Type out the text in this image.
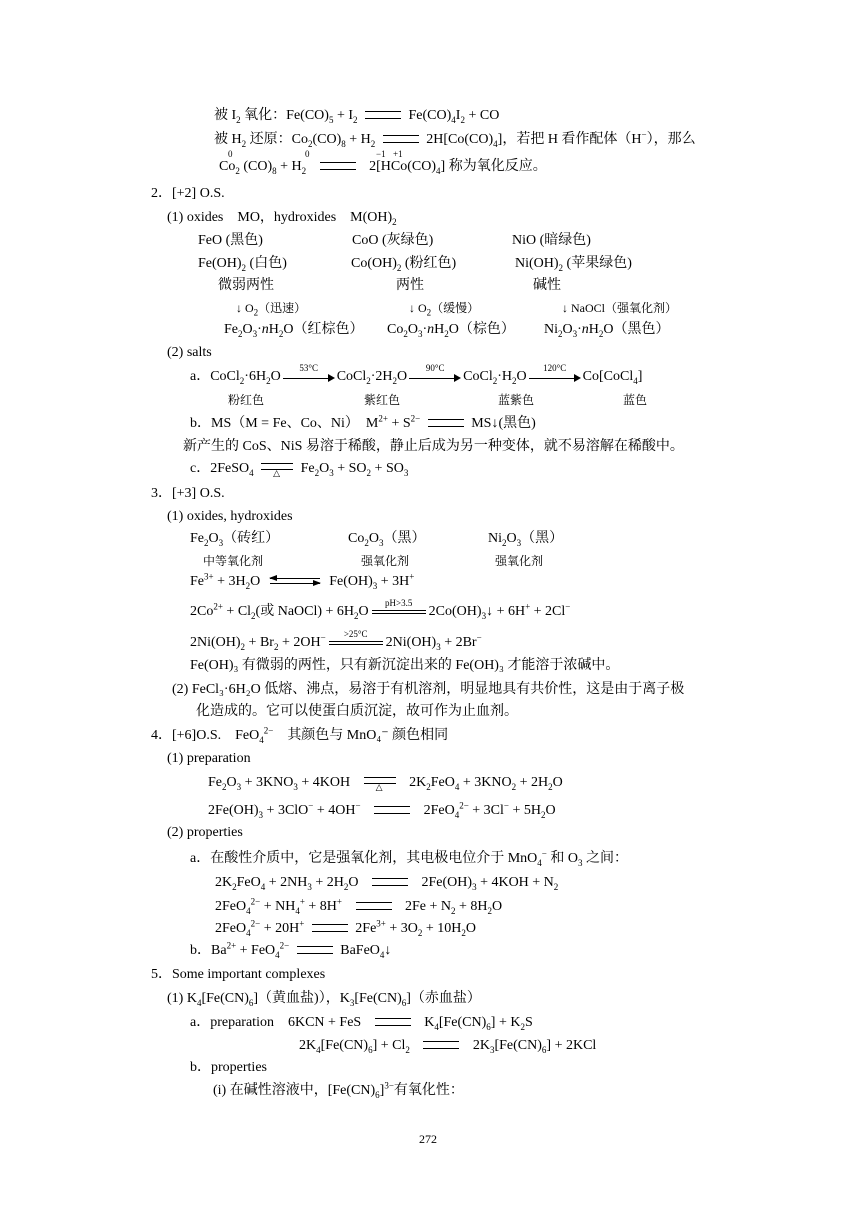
被 $I_2$ 氧化：$Fe(CO)_5 + I_2$	$Fe(CO)_4I_2$ + CO
被 $H_2$ 还原：$Co_2(CO)_8 + H_2$	$2H[Co(CO)_4]$，若把 H 看作配体（H−），那么
0	0	−1 +1
$Co_2$ $(CO)_8 + H_2$	$2[HCo(CO)_4]$ 称为氧化反应。
2．[+2] O.S.
(1) oxides　MO，hydroxides　$M(OH)_2$
FeO (黑色)	CoO (灰绿色)	NiO (暗绿色)
$Fe(OH)_2$ (白色)	$Co(OH)_2$ (粉红色)	$Ni(OH)_2$ (苹果绿色)
微弱两性	两性	碱性
↓ $O_2$（迅速）	↓ $O_2$（缓慢）	↓ NaOCl（强氧化剂）
$Fe_2O_3\cdot nH_2O$（红棕色） $Co_2O_3\cdot nH_2O$（棕色） $Ni_2O_3\cdot nH_2O$（黑色）
(2) salts
a．$CoCl_2\cdot 6H_2O$
53°C
$CoCl_2\cdot 2H_2O$
90°C
$CoCl_2\cdot H_2O$
120°C
Co[CoCl$_4$]
粉红色	紫红色	蓝紫色	蓝色
b．MS（M = Fe、Co、Ni）　$M^{2+} + S^{2-}$	MS↓(黑色)
新产生的 CoS、NiS 易溶于稀酸，静止后成为另一种变体，就不易溶解在稀酸中。
c．2FeSO$_4$ △ $Fe_2O_3 + SO_2 + SO_3$
3．[+3] O.S.
(1) oxides, hydroxides
$Fe_2O_3$（砖红）	$Co_2O_3$（黑）	$Ni_2O_3$（黑）
中等氧化剂	强氧化剂	强氧化剂
$Fe^{3+} + 3H_2O$	$Fe(OH)_3 + 3H^+$
$2Co^{2+} + Cl_2$(或 NaOCl) + $6H_2O$
pH>3.5
$2Co(OH)_3↓ + 6H^+ + 2Cl^-$
$2Ni(OH)_2 + Br_2 + 2OH^-$	>25°C
$2Ni(OH)_3 + 2Br^-$
Fe(OH)₃ 有微弱的两性，只有新沉淀出来的 Fe(OH)₃ 才能溶于浓碱中。
(2) FeCl₃·6H₂O 低熔、沸点，易溶于有机溶剂，明显地具有共价性，这是由于离子极
化造成的。它可以使蛋白质沉淀，故可作为止血剂。
4．[+6]O.S.　FeO$_4^{2-}$　 其颜色与 MnO₄⁻ 颜色相同
(1) preparation
$Fe_2O_3 + 3KNO_3 + 4KOH$ △ $2K_2FeO_4 + 3KNO_2 + 2H_2O$
$2Fe(OH)_3 + 3ClO^- + 4OH^-$	$2FeO_4^{2-} + 3Cl^- + 5H_2O$
(2) properties
a．在酸性介质中，它是强氧化剂，其电极电位介于 MnO$_4$− 和 $O_3$ 之间：
$2K_2FeO_4 + 2NH_3 + 2H_2O$	$2Fe(OH)_3 + 4KOH + N_2$
$2FeO_4^{2-} + NH_4^+ + 8H^+$	$2Fe + N_2 + 8H_2O$
2FeO$_4^{2-}$ + 20H+	$2Fe^{3+} + 3O_2 + 10H_2O$
b．$Ba^{2+} + FeO_4^{2-}$	BaFeO$_4$↓
5．Some important complexes
(1) $K_4[Fe(CN)_6]$（黄血盐)），$K_3[Fe(CN)_6]$（赤血盐）
a．preparation　6KCN + FeS	$K_4[Fe(CN)_6] + K_2S$
$2K_4[Fe(CN)_6] + Cl_2$	$2K_3[Fe(CN)_6] + 2KCl$
b．properties
(i) 在碱性溶液中，$[Fe(CN)_6]^{3-}$有氧化性：
272
